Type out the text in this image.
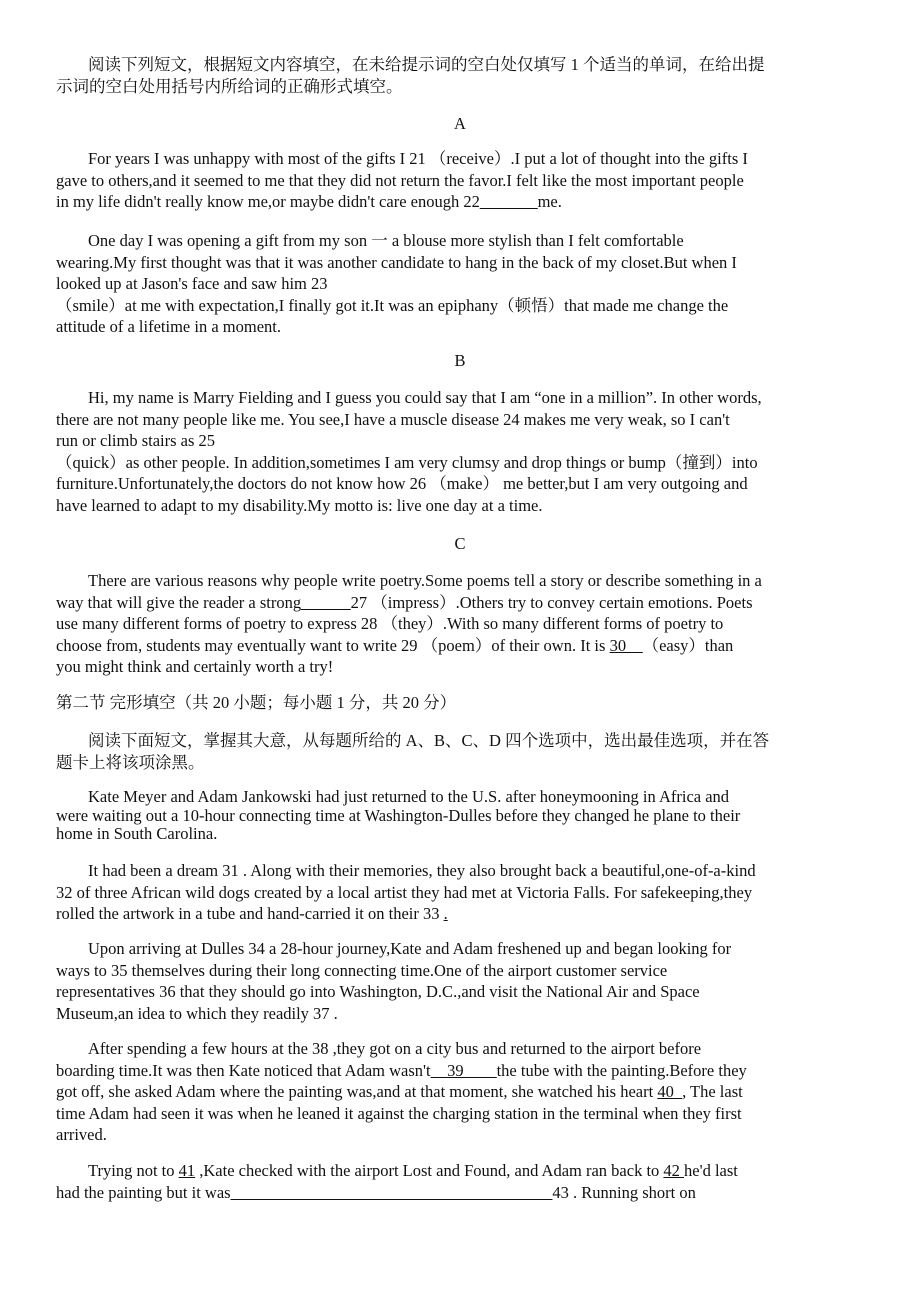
阅读下列短文，根据短文内容填空，在未给提示词的空白处仅填写 1 个适当的单词，在给出提
示词的空白处用括号内所给词的正确形式填空。
A
For years I was unhappy with most of the gifts I 21 （receive）.I put a lot of thought into the gifts I
gave to others,and it seemed to me that they did not return the favor.I felt like the most important people
in my life didn't really know me,or maybe didn't care enough 22_______me.
One day I was opening a gift from my son 一 a blouse more stylish than I felt comfortable
wearing.My first thought was that it was another candidate to hang in the back of my closet.But when I
looked up at Jason's face and saw him 23
（smile）at me with expectation,I finally got it.It was an epiphany（顿悟）that made me change the
attitude of a lifetime in a moment.
B
Hi, my name is Marry Fielding and I guess you could say that I am “one in a million”. In other words,
there are not many people like me. You see,I have a muscle disease 24 makes me very weak, so I can't
run or climb stairs as 25
（quick）as other people. In addition,sometimes I am very clumsy and drop things or bump（撞到）into
furniture.Unfortunately,the doctors do not know how 26 （make） me better,but I am very outgoing and
have learned to adapt to my disability.My motto is: live one day at a time.
C
There are various reasons why people write poetry.Some poems tell a story or describe something in a
way that will give the reader a strong______27 （impress）.Others try to convey certain emotions. Poets
use many different forms of poetry to express 28 （they）.With so many different forms of poetry to
choose from, students may eventually want to write 29 （poem）of their own. It is 30__（easy）than
you might think and certainly worth a try!
第二节 完形填空（共 20 小题；每小题 1 分，共 20 分）
阅读下面短文，掌握其大意，从每题所给的 A、B、C、D 四个选项中，选出最佳选项，并在答
题卡上将该项涂黑。
Kate Meyer and Adam Jankowski had just returned to the U.S. after honeymooning in Africa and
were waiting out a 10-hour connecting time at Washington-Dulles before they changed he plane to their
home in South Carolina.
It had been a dream 31 . Along with their memories, they also brought back a beautiful,one-of-a-kind
32 of three African wild dogs created by a local artist they had met at Victoria Falls. For safekeeping,they
rolled the artwork in a tube and hand-carried it on their 33 .
Upon arriving at Dulles 34 a 28-hour journey,Kate and Adam freshened up and began looking for
ways to 35 themselves during their long connecting time.One of the airport customer service
representatives 36 that they should go into Washington, D.C.,and visit the National Air and Space
Museum,an idea to which they readily 37 .
After spending a few hours at the 38 ,they got on a city bus and returned to the airport before
boarding time.It was then Kate noticed that Adam wasn't__39____the tube with the painting.Before they
got off, she asked Adam where the painting was,and at that moment, she watched his heart 40_, The last
time Adam had seen it was when he leaned it against the charging station in the terminal when they first
arrived.
Trying not to 41 ,Kate checked with the airport Lost and Found, and Adam ran back to 42 he'd last
had the painting but it was_______________________________________43 . Running short on
